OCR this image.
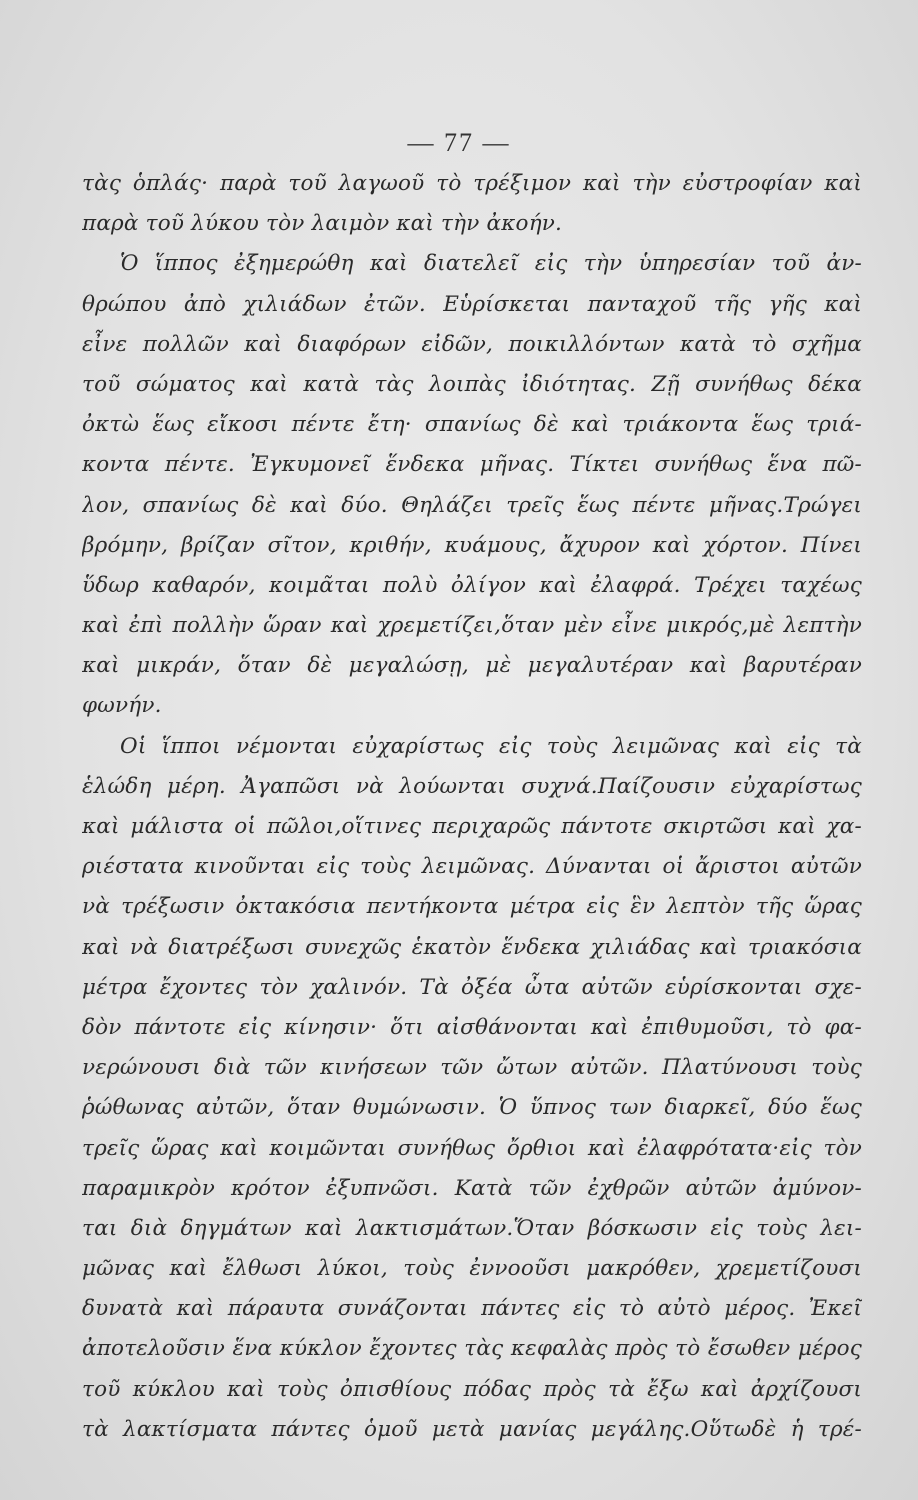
— 77 —
τὰς ὁπλάς· παρὰ τοῦ λαγωοῦ τὸ τρέξιμον καὶ τὴν εὐστροφίαν καὶ
παρὰ τοῦ λύκου τὸν λαιμὸν καὶ τὴν ἀκοήν.
Ὁ ἵππος ἐξημερώθη καὶ διατελεῖ εἰς τὴν ὑπηρεσίαν τοῦ ἀν-
θρώπου ἀπὸ χιλιάδων ἐτῶν. Εὑρίσκεται πανταχοῦ τῆς γῆς καὶ
εἶνε πολλῶν καὶ διαφόρων εἰδῶν, ποικιλλόντων κατὰ τὸ σχῆμα
τοῦ σώματος καὶ κατὰ τὰς λοιπὰς ἰδιότητας. Ζῇ συνήθως δέκα
ὀκτὼ ἕως εἴκοσι πέντε ἔτη· σπανίως δὲ καὶ τριάκοντα ἕως τριά-
κοντα πέντε. Ἐγκυμονεῖ ἕνδεκα μῆνας. Τίκτει συνήθως ἕνα πῶ-
λον, σπανίως δὲ καὶ δύο. Θηλάζει τρεῖς ἕως πέντε μῆνας.Τρώγει
βρόμην, βρίζαν σῖτον, κριθήν, κυάμους, ἄχυρον καὶ χόρτον. Πίνει
ὕδωρ καθαρόν, κοιμᾶται πολὺ ὀλίγον καὶ ἐλαφρά. Τρέχει ταχέως
καὶ ἐπὶ πολλὴν ὥραν καὶ χρεμετίζει,ὅταν μὲν εἶνε μικρός,μὲ λεπτὴν
καὶ μικράν, ὅταν δὲ μεγαλώσῃ, μὲ μεγαλυτέραν καὶ βαρυτέραν
φωνήν.
Οἱ ἵπποι νέμονται εὐχαρίστως εἰς τοὺς λειμῶνας καὶ εἰς τὰ
ἑλώδη μέρη. Ἀγαπῶσι νὰ λούωνται συχνά.Παίζουσιν εὐχαρίστως
καὶ μάλιστα οἱ πῶλοι,οἵτινες περιχαρῶς πάντοτε σκιρτῶσι καὶ χα-
ριέστατα κινοῦνται εἰς τοὺς λειμῶνας. Δύνανται οἱ ἄριστοι αὐτῶν
νὰ τρέξωσιν ὀκτακόσια πεντήκοντα μέτρα εἰς ἓν λεπτὸν τῆς ὥρας
καὶ νὰ διατρέξωσι συνεχῶς ἑκατὸν ἕνδεκα χιλιάδας καὶ τριακόσια
μέτρα ἔχοντες τὸν χαλινόν. Τὰ ὀξέα ὦτα αὐτῶν εὑρίσκονται σχε-
δὸν πάντοτε εἰς κίνησιν· ὅτι αἰσθάνονται καὶ ἐπιθυμοῦσι, τὸ φα-
νερώνουσι διὰ τῶν κινήσεων τῶν ὤτων αὐτῶν. Πλατύνουσι τοὺς
ῥώθωνας αὐτῶν, ὅταν θυμώνωσιν. Ὁ ὕπνος των διαρκεῖ, δύο ἕως
τρεῖς ὥρας καὶ κοιμῶνται συνήθως ὄρθιοι καὶ ἐλαφρότατα·εἰς τὸν
παραμικρὸν κρότον ἐξυπνῶσι. Κατὰ τῶν ἐχθρῶν αὐτῶν ἀμύνον-
ται διὰ δηγμάτων καὶ λακτισμάτων.Ὅταν βόσκωσιν εἰς τοὺς λει-
μῶνας καὶ ἔλθωσι λύκοι, τοὺς ἐννοοῦσι μακρόθεν, χρεμετίζουσι
δυνατὰ καὶ πάραυτα συνάζονται πάντες εἰς τὸ αὐτὸ μέρος. Ἐκεῖ
ἀποτελοῦσιν ἕνα κύκλον ἔχοντες τὰς κεφαλὰς πρὸς τὸ ἔσωθεν μέρος
τοῦ κύκλου καὶ τοὺς ὀπισθίους πόδας πρὸς τὰ ἔξω καὶ ἀρχίζουσι
τὰ λακτίσματα πάντες ὁμοῦ μετὰ μανίας μεγάλης.Οὕτωδὲ ἡ τρέ-
